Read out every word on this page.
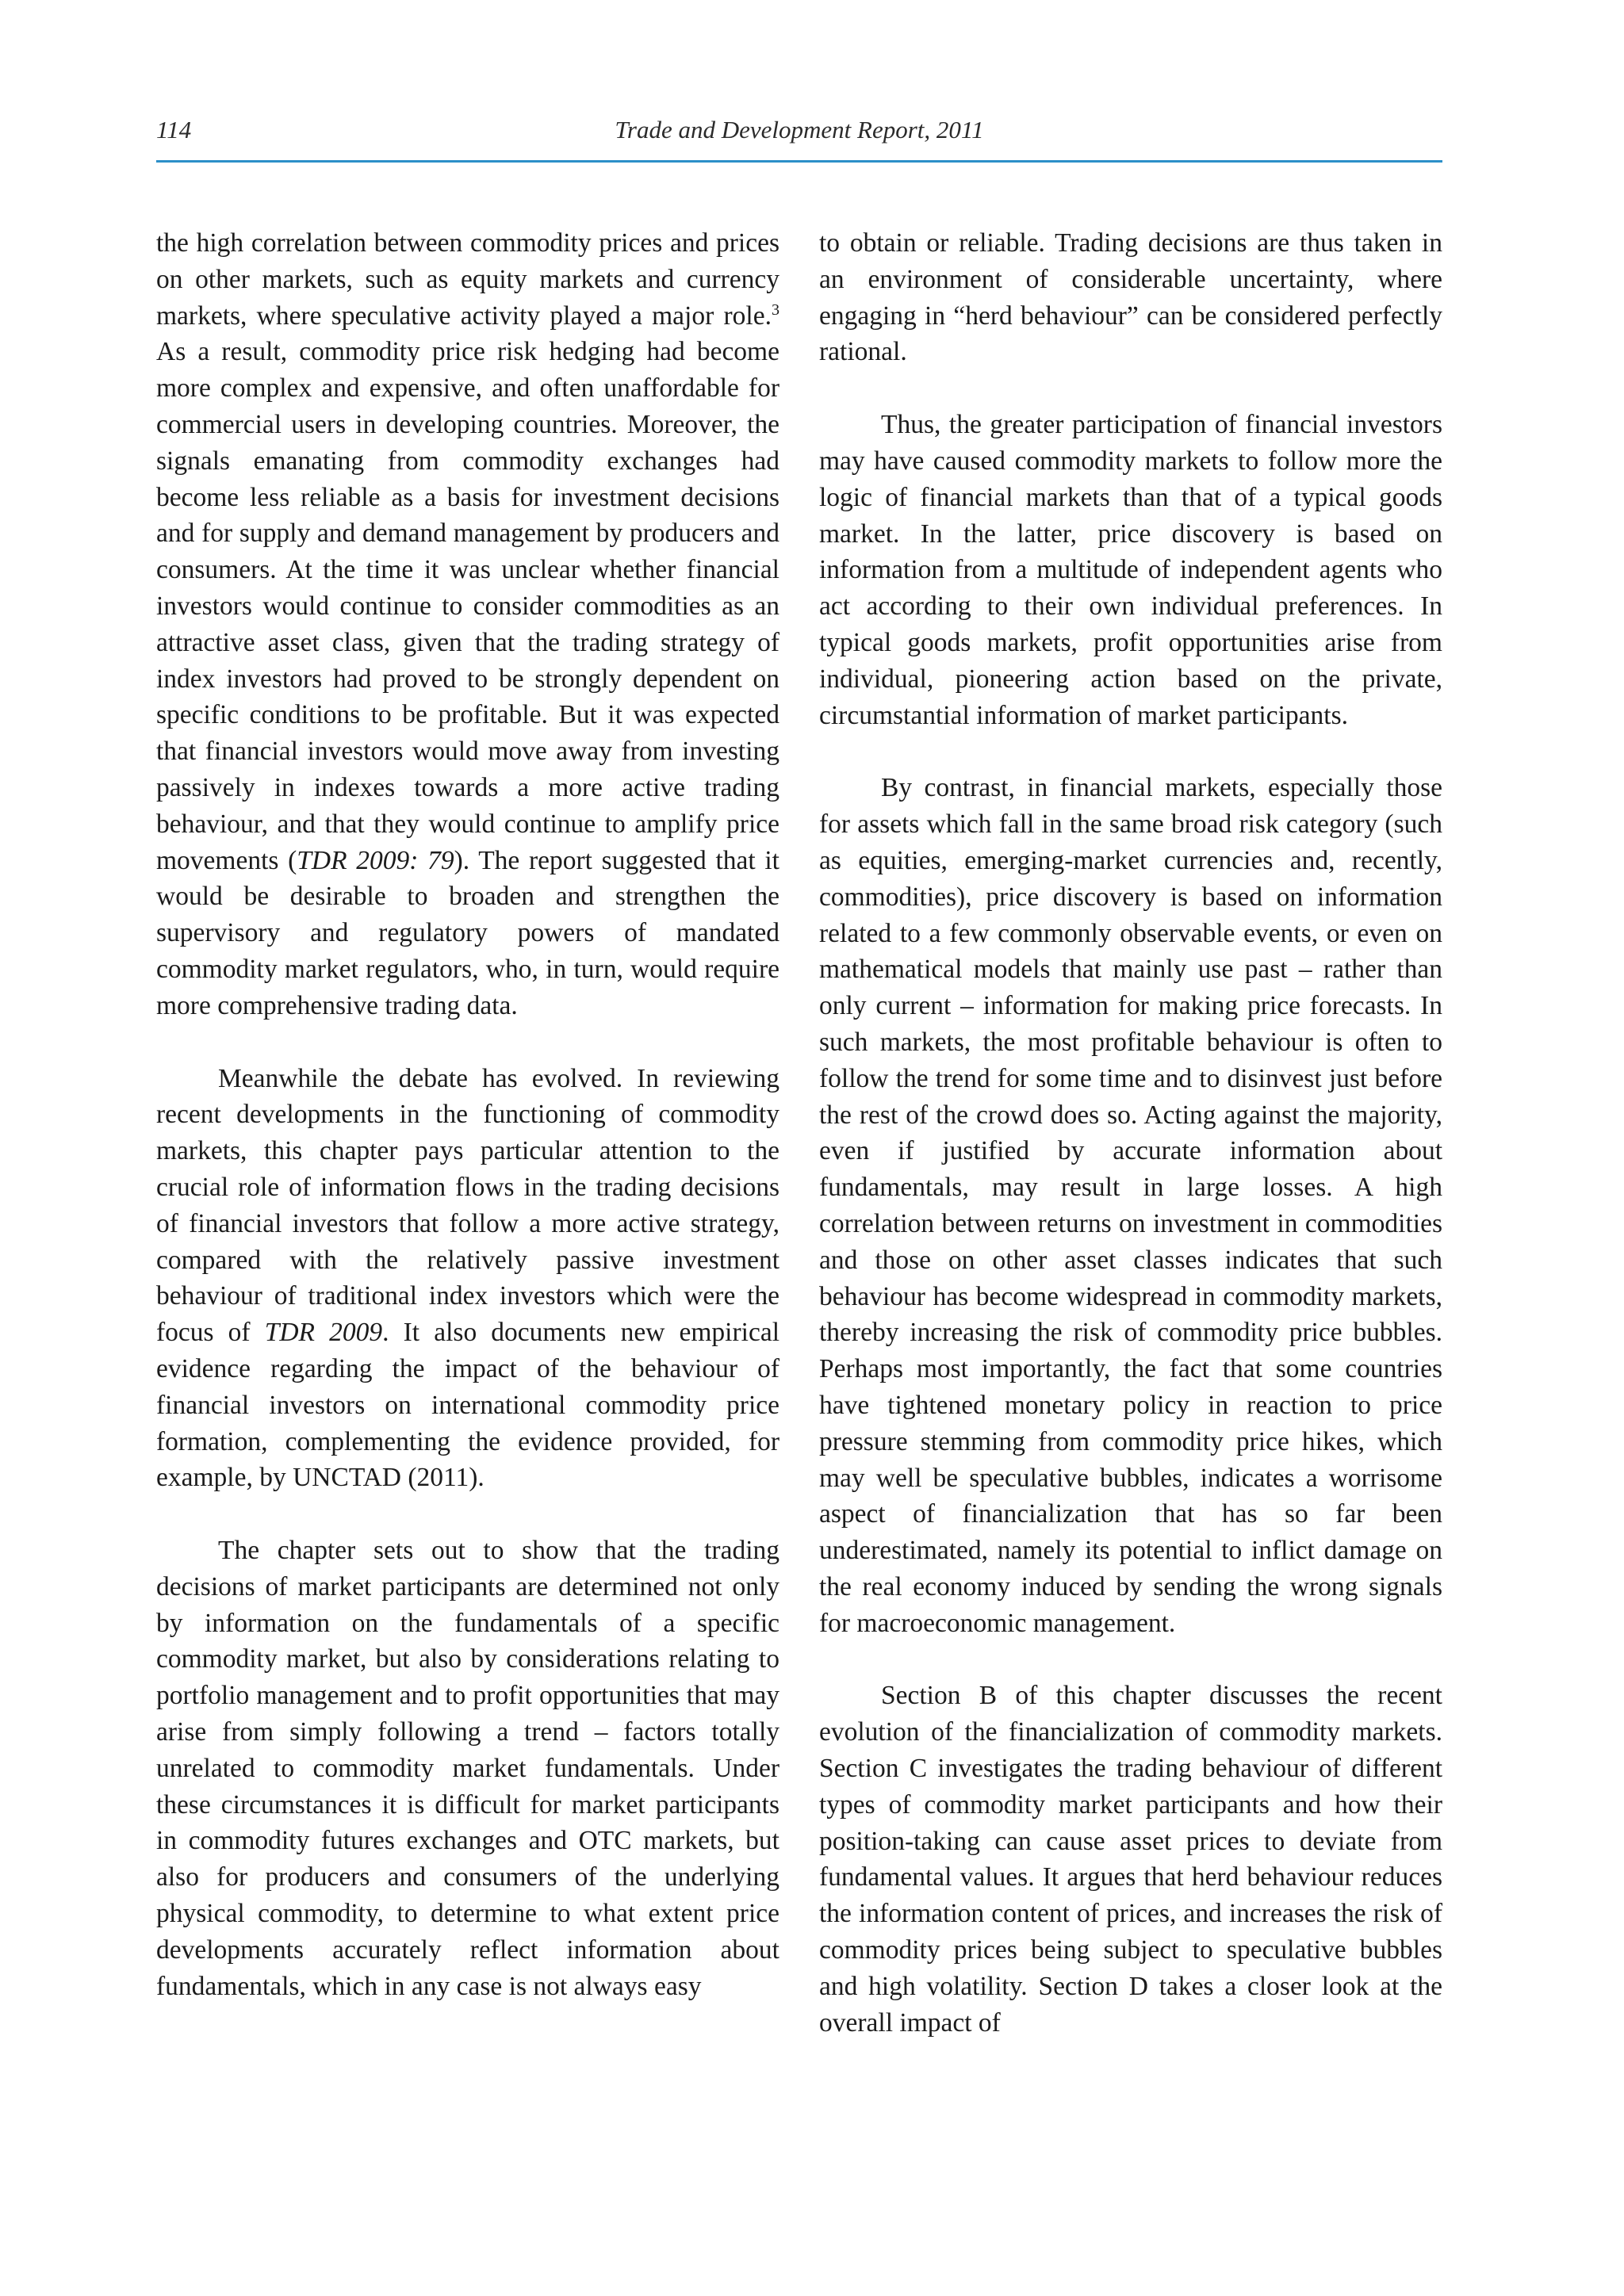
114	Trade and Development Report, 2011

the high correlation between commodity prices and prices on other markets, such as equity markets and currency markets, where speculative activity played a major role.$^3$ As a result, commodity price risk hedging had become more complex and expensive, and often unaffordable for commercial users in developing countries. Moreover, the signals emanating from commodity exchanges had become less reliable as a basis for investment decisions and for supply and demand management by producers and consumers. At the time it was unclear whether financial investors would continue to consider commodities as an attractive asset class, given that the trading strategy of index investors had proved to be strongly dependent on specific conditions to be profitable. But it was expected that financial investors would move away from investing passively in indexes towards a more active trading behaviour, and that they would continue to amplify price movements (TDR 2009: 79). The report suggested that it would be desirable to broaden and strengthen the supervisory and regulatory powers of mandated commodity market regulators, who, in turn, would require more comprehensive trading data.

Meanwhile the debate has evolved. In reviewing recent developments in the functioning of commodity markets, this chapter pays particular attention to the crucial role of information flows in the trading decisions of financial investors that follow a more active strategy, compared with the relatively passive investment behaviour of traditional index investors which were the focus of TDR 2009. It also documents new empirical evidence regarding the impact of the behaviour of financial investors on international commodity price formation, complementing the evidence provided, for example, by UNCTAD (2011).

The chapter sets out to show that the trading decisions of market participants are determined not only by information on the fundamentals of a specific commodity market, but also by considerations relating to portfolio management and to profit opportunities that may arise from simply following a trend – factors totally unrelated to commodity market fundamentals. Under these circumstances it is difficult for market participants in commodity futures exchanges and OTC markets, but also for producers and consumers of the underlying physical commodity, to determine to what extent price developments accurately reflect information about fundamentals, which in any case is not always easy

to obtain or reliable. Trading decisions are thus taken in an environment of considerable uncertainty, where engaging in “herd behaviour” can be considered perfectly rational.

Thus, the greater participation of financial investors may have caused commodity markets to follow more the logic of financial markets than that of a typical goods market. In the latter, price discovery is based on information from a multitude of independent agents who act according to their own individual preferences. In typical goods markets, profit opportunities arise from individual, pioneering action based on the private, circumstantial information of market participants.

By contrast, in financial markets, especially those for assets which fall in the same broad risk category (such as equities, emerging-market currencies and, recently, commodities), price discovery is based on information related to a few commonly observable events, or even on mathematical models that mainly use past – rather than only current – information for making price forecasts. In such markets, the most profitable behaviour is often to follow the trend for some time and to disinvest just before the rest of the crowd does so. Acting against the majority, even if justified by accurate information about fundamentals, may result in large losses. A high correlation between returns on investment in commodities and those on other asset classes indicates that such behaviour has become widespread in commodity markets, thereby increasing the risk of commodity price bubbles. Perhaps most importantly, the fact that some countries have tightened monetary policy in reaction to price pressure stemming from commodity price hikes, which may well be speculative bubbles, indicates a worrisome aspect of financialization that has so far been underestimated, namely its potential to inflict damage on the real economy induced by sending the wrong signals for macroeconomic management.

Section B of this chapter discusses the recent evolution of the financialization of commodity markets. Section C investigates the trading behaviour of different types of commodity market participants and how their position-taking can cause asset prices to deviate from fundamental values. It argues that herd behaviour reduces the information content of prices, and increases the risk of commodity prices being subject to speculative bubbles and high volatility. Section D takes a closer look at the overall impact of
